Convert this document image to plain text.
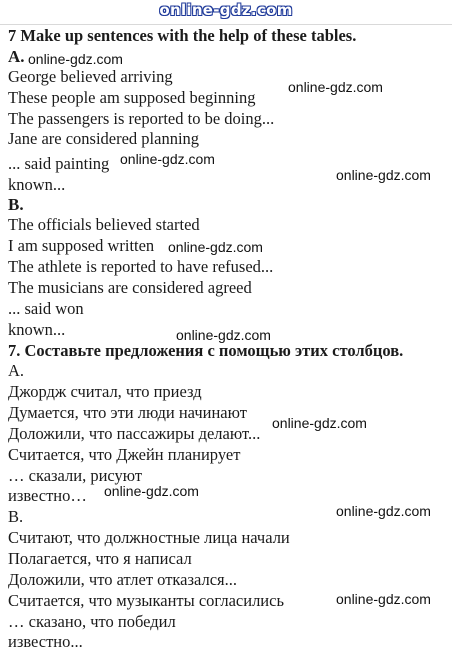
online-gdz.com
7 Make up sentences with the help of these tables.
A.
George believed arriving
These people am supposed beginning
The passengers is reported to be doing...
Jane are considered planning
... said painting
known...
B.
The officials believed started
I am supposed written
The athlete is reported to have refused...
The musicians are considered agreed
... said won
known...
7. Составьте предложения с помощью этих столбцов.
А.
Джордж считал, что приезд
Думается, что эти люди начинают
Доложили, что пассажиры делают...
Считается, что Джейн планирует
… сказали, рисуют
известно…
В.
Считают, что должностные лица начали
Полагается, что я написал
Доложили, что атлет отказался...
Считается, что музыканты согласились
… сказано, что победил
известно...
online-gdz.com
online-gdz.com
online-gdz.com
online-gdz.com
online-gdz.com
online-gdz.com
online-gdz.com
online-gdz.com
online-gdz.com
online-gdz.com
